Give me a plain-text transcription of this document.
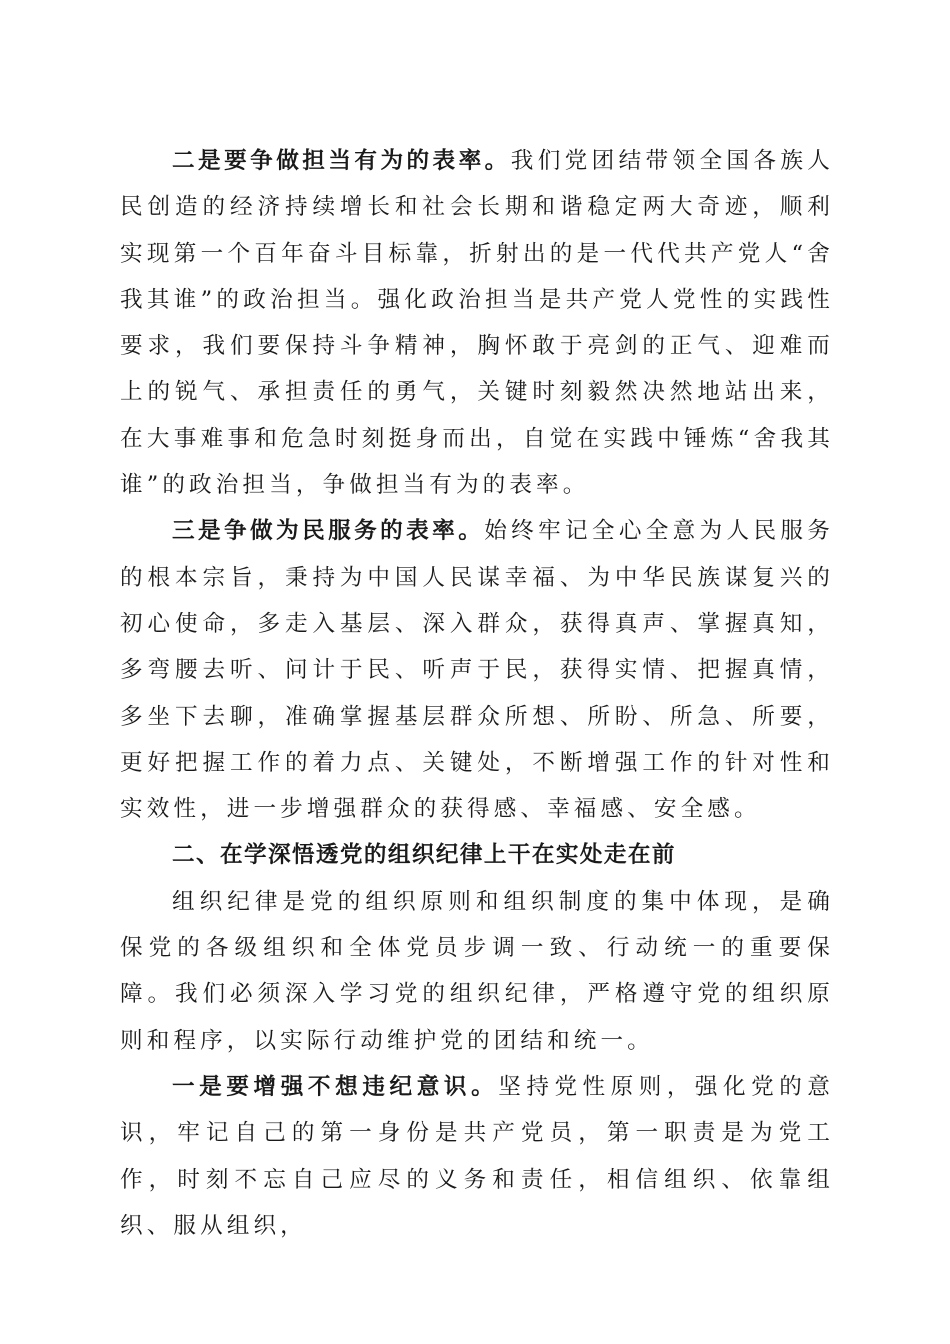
二是要争做担当有为的表率。我们党团结带领全国各族人民创造的经济持续增长和社会长期和谐稳定两大奇迹，顺利实现第一个百年奋斗目标靠，折射出的是一代代共产党人“舍我其谁”的政治担当。强化政治担当是共产党人党性的实践性要求，我们要保持斗争精神，胸怀敢于亮剑的正气、迎难而上的锐气、承担责任的勇气，关键时刻毅然决然地站出来，在大事难事和危急时刻挺身而出，自觉在实践中锤炼“舍我其谁”的政治担当，争做担当有为的表率。

三是争做为民服务的表率。始终牢记全心全意为人民服务的根本宗旨，秉持为中国人民谋幸福、为中华民族谋复兴的初心使命，多走入基层、深入群众，获得真声、掌握真知，多弯腰去听、问计于民、听声于民，获得实情、把握真情，多坐下去聊，准确掌握基层群众所想、所盼、所急、所要，更好把握工作的着力点、关键处，不断增强工作的针对性和实效性，进一步增强群众的获得感、幸福感、安全感。

二、在学深悟透党的组织纪律上干在实处走在前

组织纪律是党的组织原则和组织制度的集中体现，是确保党的各级组织和全体党员步调一致、行动统一的重要保障。我们必须深入学习党的组织纪律，严格遵守党的组织原则和程序，以实际行动维护党的团结和统一。

一是要增强不想违纪意识。坚持党性原则，强化党的意识，牢记自己的第一身份是共产党员，第一职责是为党工作，时刻不忘自己应尽的义务和责任，相信组织、依靠组织、服从组织，
